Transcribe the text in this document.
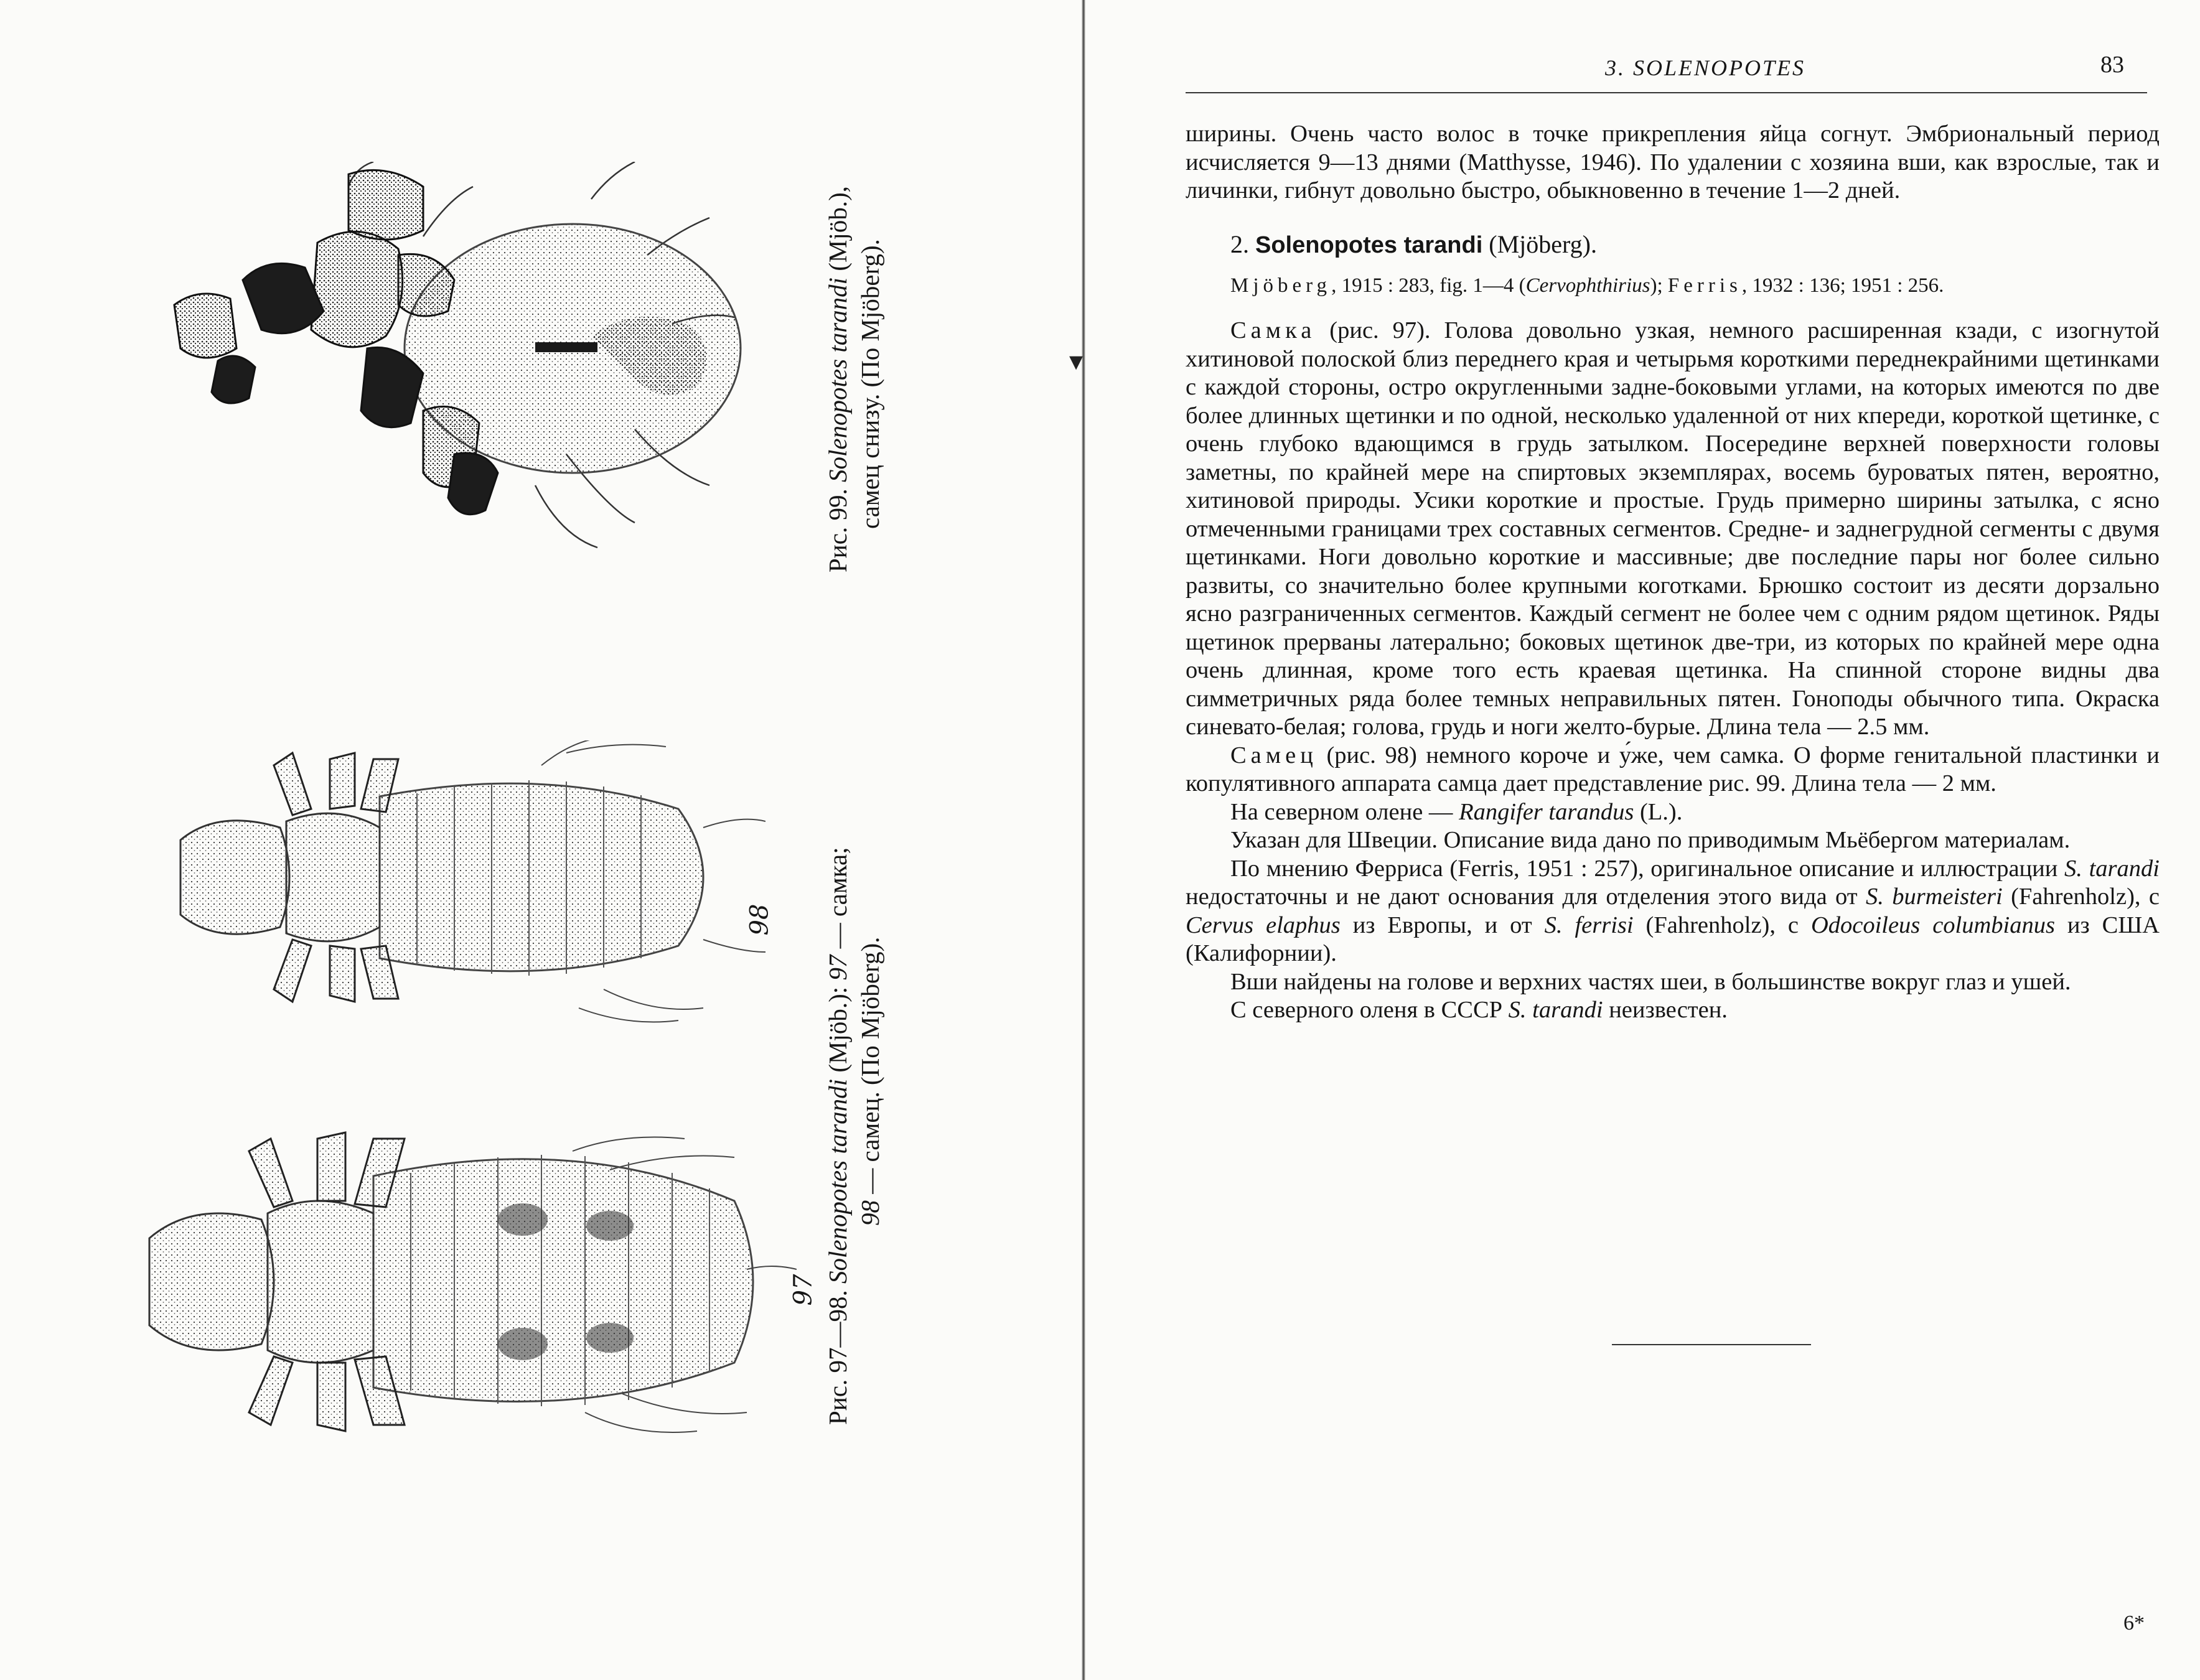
98
97
Рис. 99. Solenopotes tarandi (Mjöb.),
самец снизу. (По Mjöberg).
Рис. 97—98. Solenopotes tarandi (Mjöb.): 97 — самка;
98 — самец. (По Mjöberg).
▾
3. SOLENOPOTES	83

ширины. Очень часто волос в точке прикрепления яйца согнут. Эмбриональный период исчисляется 9—13 днями (Matthysse, 1946). По удалении с хозяина вши, как взрослые, так и личинки, гибнут довольно быстро, обыкновенно в течение 1—2 дней.

2. Solenopotes tarandi (Mjöberg).

Mjöberg, 1915 : 283, fig. 1—4 (Cervophthirius); Ferris, 1932 : 136; 1951 : 256.

Самка (рис. 97). Голова довольно узкая, немного расширенная кзади, с изогнутой хитиновой полоской близ переднего края и четырьмя короткими переднекрайними щетинками с каждой стороны, остро округленными задне-боковыми углами, на которых имеются по две более длинных щетинки и по одной, несколько удаленной от них кпереди, короткой щетинке, с очень глубоко вдающимся в грудь затылком. Посередине верхней поверхности головы заметны, по крайней мере на спиртовых экземплярах, восемь буроватых пятен, вероятно, хитиновой природы. Усики короткие и простые. Грудь примерно ширины затылка, с ясно отмеченными границами трех составных сегментов. Средне- и заднегрудной сегменты с двумя щетинками. Ноги довольно короткие и массивные; две последние пары ног более сильно развиты, со значительно более крупными коготками. Брюшко состоит из десяти дорзально ясно разграниченных сегментов. Каждый сегмент не более чем с одним рядом щетинок. Ряды щетинок прерваны латерально; боковых щетинок две-три, из которых по крайней мере одна очень длинная, кроме того есть краевая щетинка. На спинной стороне видны два симметричных ряда более темных неправильных пятен. Гоноподы обычного типа. Окраска синевато-белая; голова, грудь и ноги желто-бурые. Длина тела — 2.5 мм.

Самец (рис. 98) немного короче и у́же, чем самка. О форме генитальной пластинки и копулятивного аппарата самца дает представление рис. 99. Длина тела — 2 мм.

На северном олене — Rangifer tarandus (L.).

Указан для Швеции. Описание вида дано по приводимым Мьёбергом материалам.

По мнению Ферриса (Ferris, 1951 : 257), оригинальное описание и иллюстрации S. tarandi недостаточны и не дают основания для отделения этого вида от S. burmeisteri (Fahrenholz), с Cervus elaphus из Европы, и от S. ferrisi (Fahrenholz), с Odocoileus columbianus из США (Калифорнии).

Вши найдены на голове и верхних частях шеи, в большинстве вокруг глаз и ушей.

С северного оленя в СССР S. tarandi неизвестен.

6*
